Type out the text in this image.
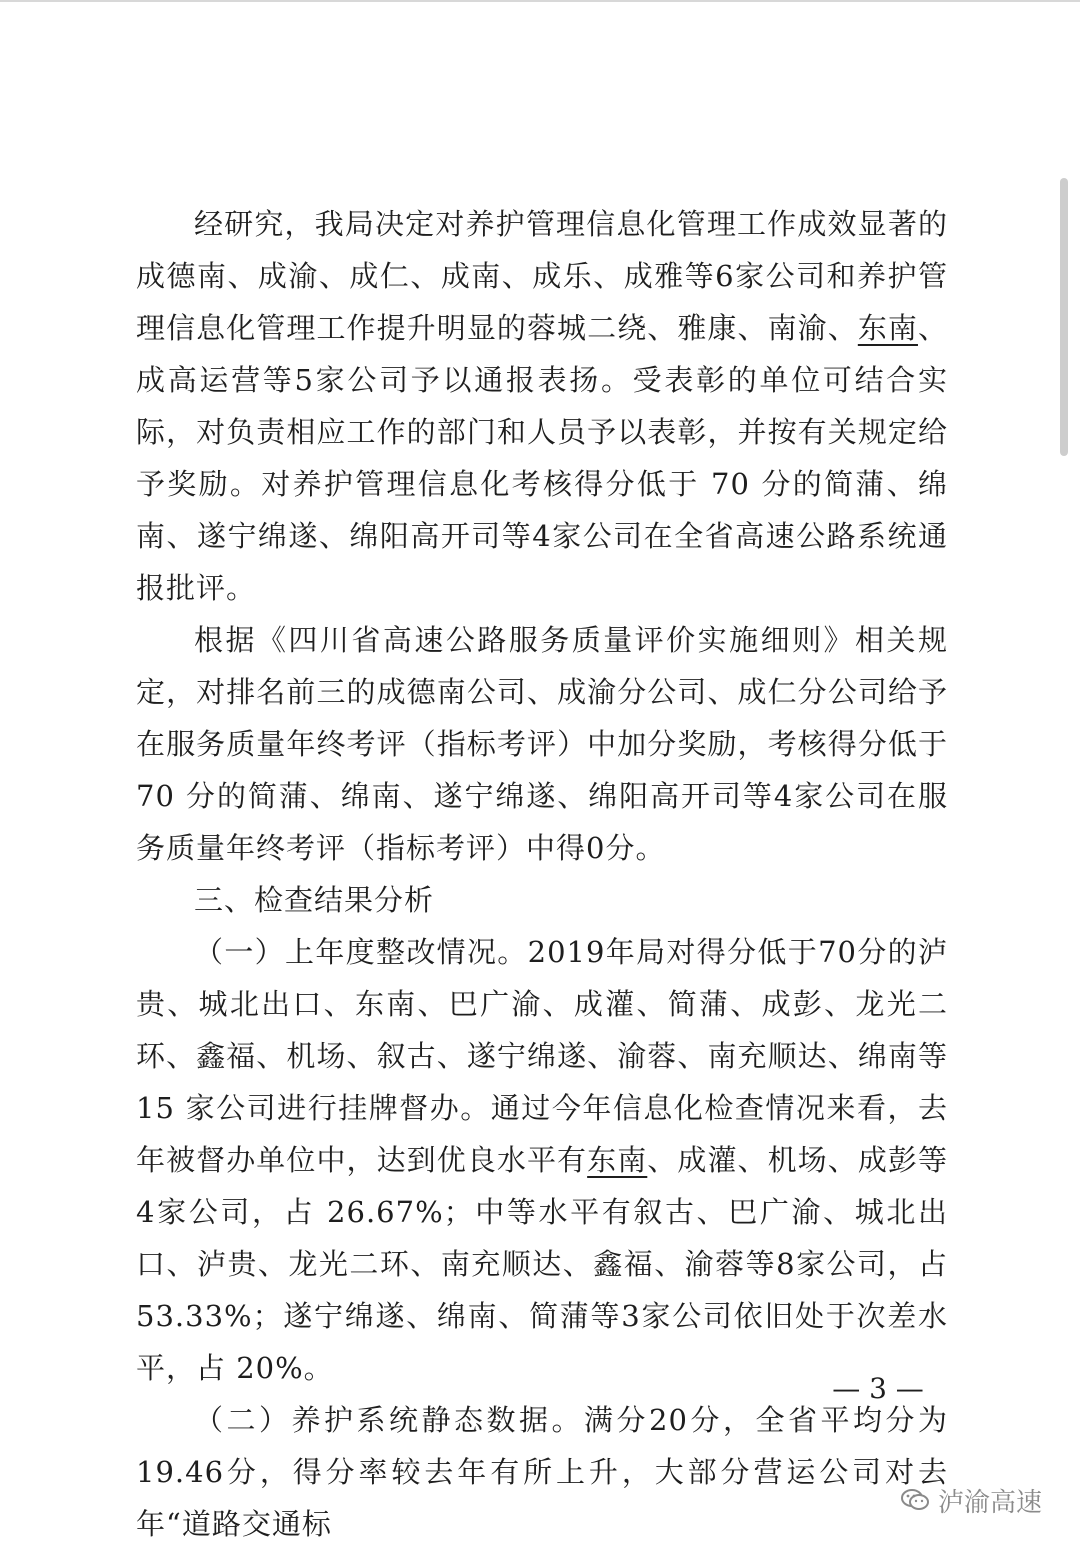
经研究，我局决定对养护管理信息化管理工作成效显著的成德南、成渝、成仁、成南、成乐、成雅等6家公司和养护管理信息化管理工作提升明显的蓉城二绕、雅康、南渝、东南、成高运营等5家公司予以通报表扬。受表彰的单位可结合实际，对负责相应工作的部门和人员予以表彰，并按有关规定给予奖励。对养护管理信息化考核得分低于 70 分的简蒲、绵南、遂宁绵遂、绵阳高开司等4家公司在全省高速公路系统通报批评。

根据《四川省高速公路服务质量评价实施细则》相关规定，对排名前三的成德南公司、成渝分公司、成仁分公司给予在服务质量年终考评（指标考评）中加分奖励，考核得分低于 70 分的简蒲、绵南、遂宁绵遂、绵阳高开司等4家公司在服务质量年终考评（指标考评）中得0分。

三、检查结果分析

（一）上年度整改情况。2019年局对得分低于70分的泸贵、城北出口、东南、巴广渝、成灌、简蒲、成彭、龙光二环、鑫福、机场、叙古、遂宁绵遂、渝蓉、南充顺达、绵南等 15 家公司进行挂牌督办。通过今年信息化检查情况来看，去年被督办单位中，达到优良水平有东南、成灌、机场、成彭等4家公司，占 26.67%；中等水平有叙古、巴广渝、城北出口、泸贵、龙光二环、南充顺达、鑫福、渝蓉等8家公司，占 53.33%；遂宁绵遂、绵南、简蒲等3家公司依旧处于次差水平，占 20%。

（二）养护系统静态数据。满分20分，全省平均分为19.46分，得分率较去年有所上升，大部分营运公司对去年“道路交通标

— 3 —
泸渝高速
